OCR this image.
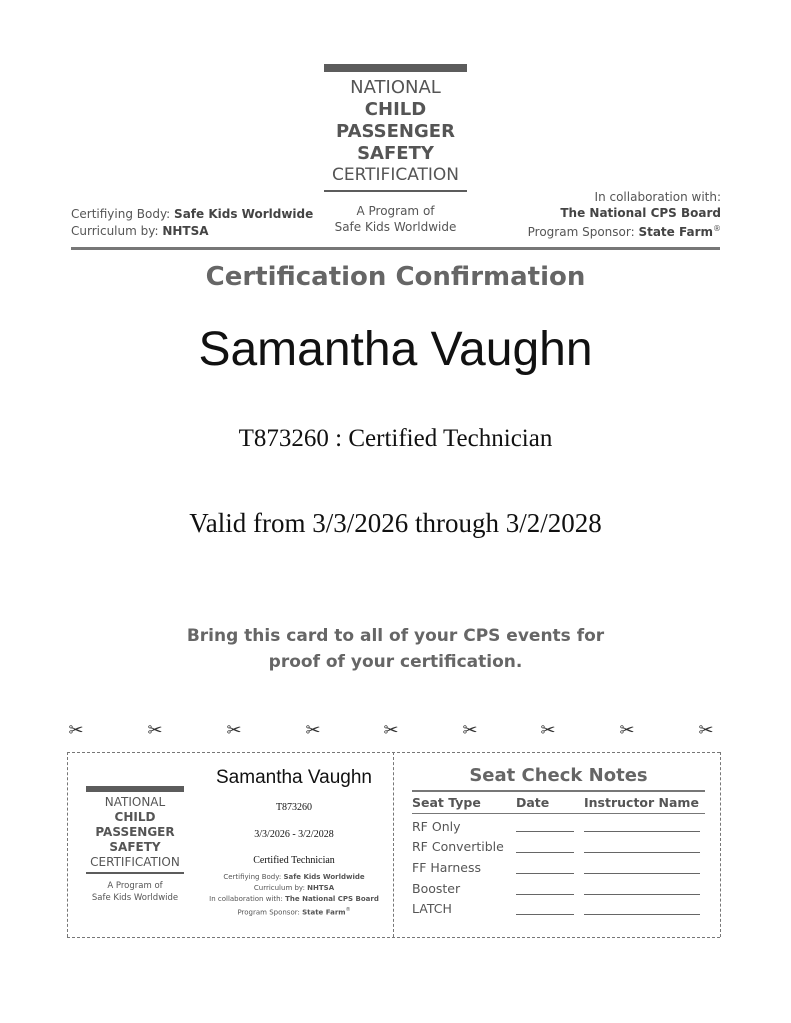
NATIONAL
CHILD
PASSENGER
SAFETY
CERTIFICATION
A Program of
Safe Kids Worldwide
Certifiying Body: Safe Kids Worldwide
Curriculum by: NHTSA
In collaboration with:
The National CPS Board
Program Sponsor: State Farm®
Certification Confirmation
Samantha Vaughn
T873260 : Certified Technician
Valid from 3/3/2026 through 3/2/2028
Bring this card to all of your CPS events for
proof of your certification.
✂	✂	✂	✂	✂	✂	✂	✂	✂
NATIONAL
CHILD
PASSENGER
SAFETY
CERTIFICATION
A Program of
Safe Kids Worldwide
Samantha Vaughn
T873260
3/3/2026 - 3/2/2028
Certified Technician
Certifiying Body: Safe Kids Worldwide
Curriculum by: NHTSA
In collaboration with: The National CPS Board
Program Sponsor: State Farm®
Seat Check Notes
Seat Type	Date	Instructor Name
RF Only
RF Convertible
FF Harness
Booster
LATCH
